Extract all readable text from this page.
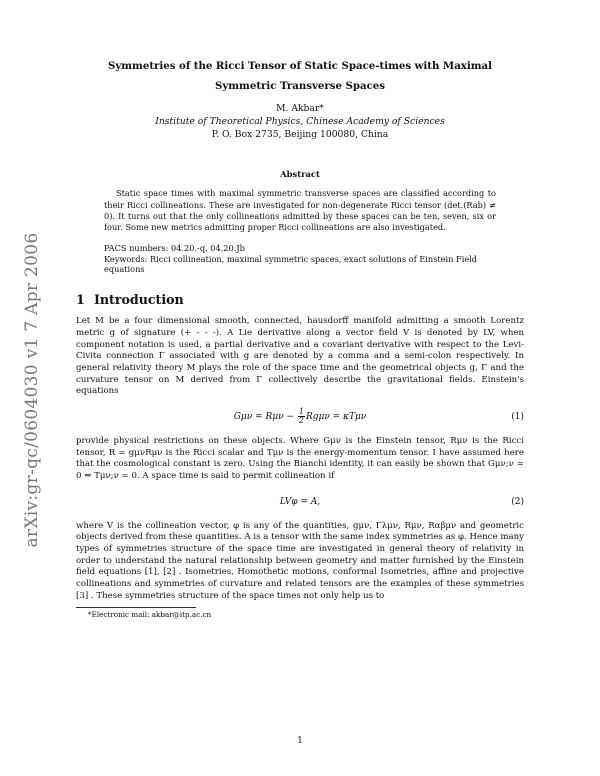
arXiv:gr-qc/0604030 v1 7 Apr 2006
Symmetries of the Ricci Tensor of Static Space-times with Maximal Symmetric Transverse Spaces
M. Akbar*
Institute of Theoretical Physics, Chinese Academy of Sciences
P. O. Box 2735, Beijing 100080, China
Abstract
Static space times with maximal symmetric transverse spaces are classified according to their Ricci collineations. These are investigated for non-degenerate Ricci tensor (det.(Rab) ≠ 0). It turns out that the only collineations admitted by these spaces can be ten, seven, six or four. Some new metrics admitting proper Ricci collineations are also investigated.
PACS numbers: 04.20.-q, 04.20.Jb
Keywords: Ricci collineation, maximal symmetric spaces, exact solutions of Einstein Field equations
1 Introduction

Let M be a four dimensional smooth, connected, hausdorff manifold admitting a smooth Lorentz metric g of signature (+ - - -). A Lie derivative along a vector field V is denoted by LV, when component notation is used, a partial derivative and a covariant derivative with respect to the Levi-Civita connection Γ associated with g are denoted by a comma and a semi-colon respectively. In general relativity theory M plays the role of the space time and the geometrical objects g, Γ and the curvature tensor on M derived from Γ collectively describe the gravitational fields. Einstein's equations

$G\mu\nu = R\mu\nu - \frac{1}{2}$ Rgμν = κTμν	(1)

provide physical restrictions on these objects. Where Gμν is the Einstein tensor, Rμν is the Ricci tensor, R = gμνRμν is the Ricci scalar and Tμν is the energy-momentum tensor. I have assumed here that the cosmological constant is zero. Using the Bianchi identity, it can easily be shown that Gμν;ν = 0 ⇔ Tμν;ν = 0. A space time is said to permit collineation if

LVφ = A,	(2)

where V is the collineation vector, φ is any of the quantities, gμν, Γλμν, Rμν, Rαβμν and geometric objects derived from these quantities. A is a tensor with the same index symmetries as φ. Hence many types of symmetries structure of the space time are investigated in general theory of relativity in order to understand the natural relationship between geometry and matter furnished by the Einstein field equations [1], [2] . Isometries, Homothetic motions, conformal Isometries, affine and projective collineations and symmetries of curvature and related tensors are the examples of these symmetries [3] . These symmetries structure of the space times not only help us to

*Electronic mail: akbar@itp.ac.cn
1
